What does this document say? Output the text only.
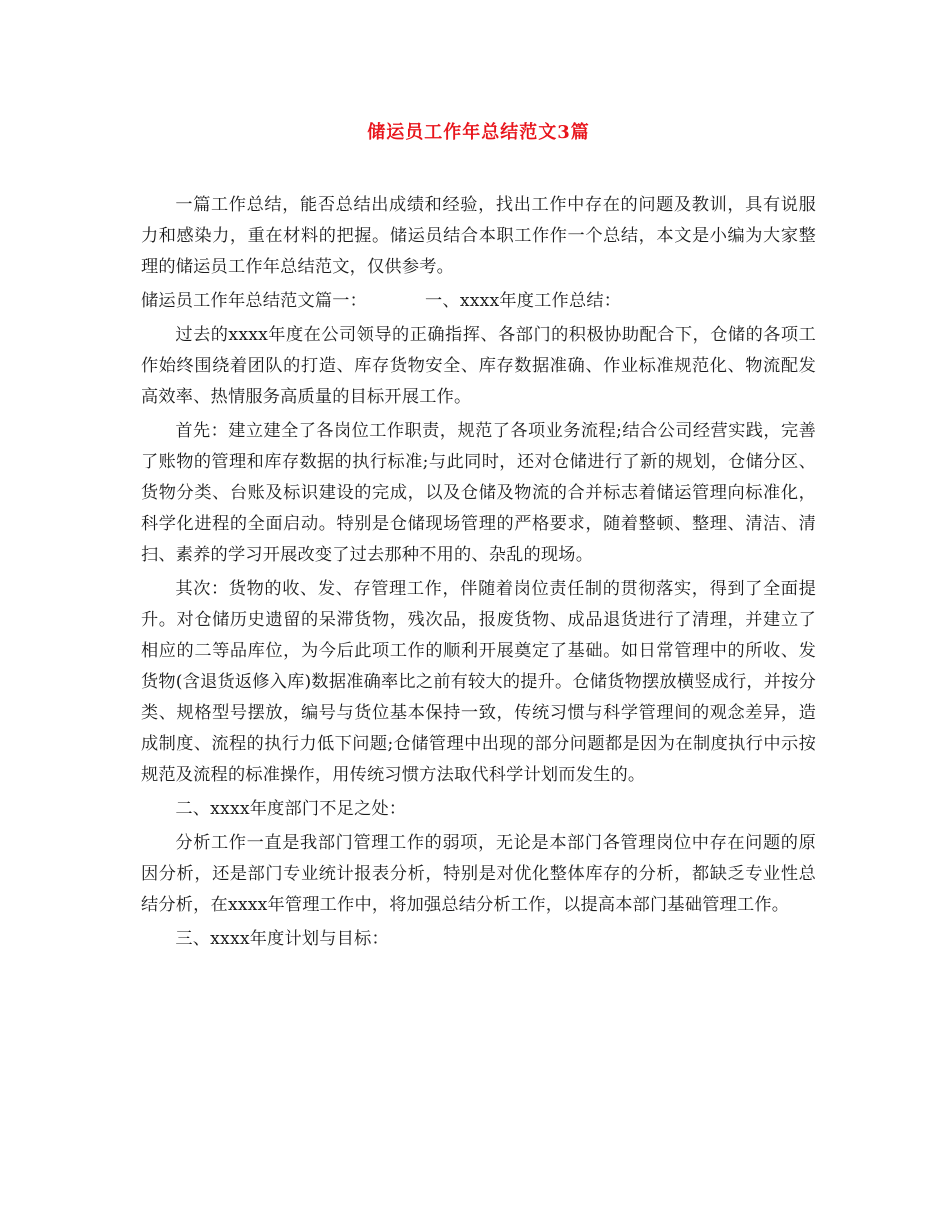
储运员工作年总结范文3篇

一篇工作总结，能否总结出成绩和经验，找出工作中存在的问题及教训，具有说服力和感染力，重在材料的把握。储运员结合本职工作作一个总结，本文是小编为大家整理的储运员工作年总结范文，仅供参考。

储运员工作年总结范文篇一：	一、xxxx年度工作总结：

过去的xxxx年度在公司领导的正确指挥、各部门的积极协助配合下，仓储的各项工作始终围绕着团队的打造、库存货物安全、库存数据准确、作业标准规范化、物流配发高效率、热情服务高质量的目标开展工作。

首先：建立建全了各岗位工作职责，规范了各项业务流程;结合公司经营实践，完善了账物的管理和库存数据的执行标准;与此同时，还对仓储进行了新的规划，仓储分区、货物分类、台账及标识建设的完成，以及仓储及物流的合并标志着储运管理向标准化，科学化进程的全面启动。特别是仓储现场管理的严格要求，随着整顿、整理、清洁、清扫、素养的学习开展改变了过去那种不用的、杂乱的现场。

其次：货物的收、发、存管理工作，伴随着岗位责任制的贯彻落实，得到了全面提升。对仓储历史遗留的呆滞货物，残次品，报废货物、成品退货进行了清理，并建立了相应的二等品库位，为今后此项工作的顺利开展奠定了基础。如日常管理中的所收、发货物(含退货返修入库)数据准确率比之前有较大的提升。仓储货物摆放横竖成行，并按分类、规格型号摆放，编号与货位基本保持一致，传统习惯与科学管理间的观念差异，造成制度、流程的执行力低下问题;仓储管理中出现的部分问题都是因为在制度执行中示按规范及流程的标准操作，用传统习惯方法取代科学计划而发生的。

二、xxxx年度部门不足之处：

分析工作一直是我部门管理工作的弱项，无论是本部门各管理岗位中存在问题的原因分析，还是部门专业统计报表分析，特别是对优化整体库存的分析，都缺乏专业性总结分析，在xxxx年管理工作中，将加强总结分析工作，以提高本部门基础管理工作。

三、xxxx年度计划与目标：
